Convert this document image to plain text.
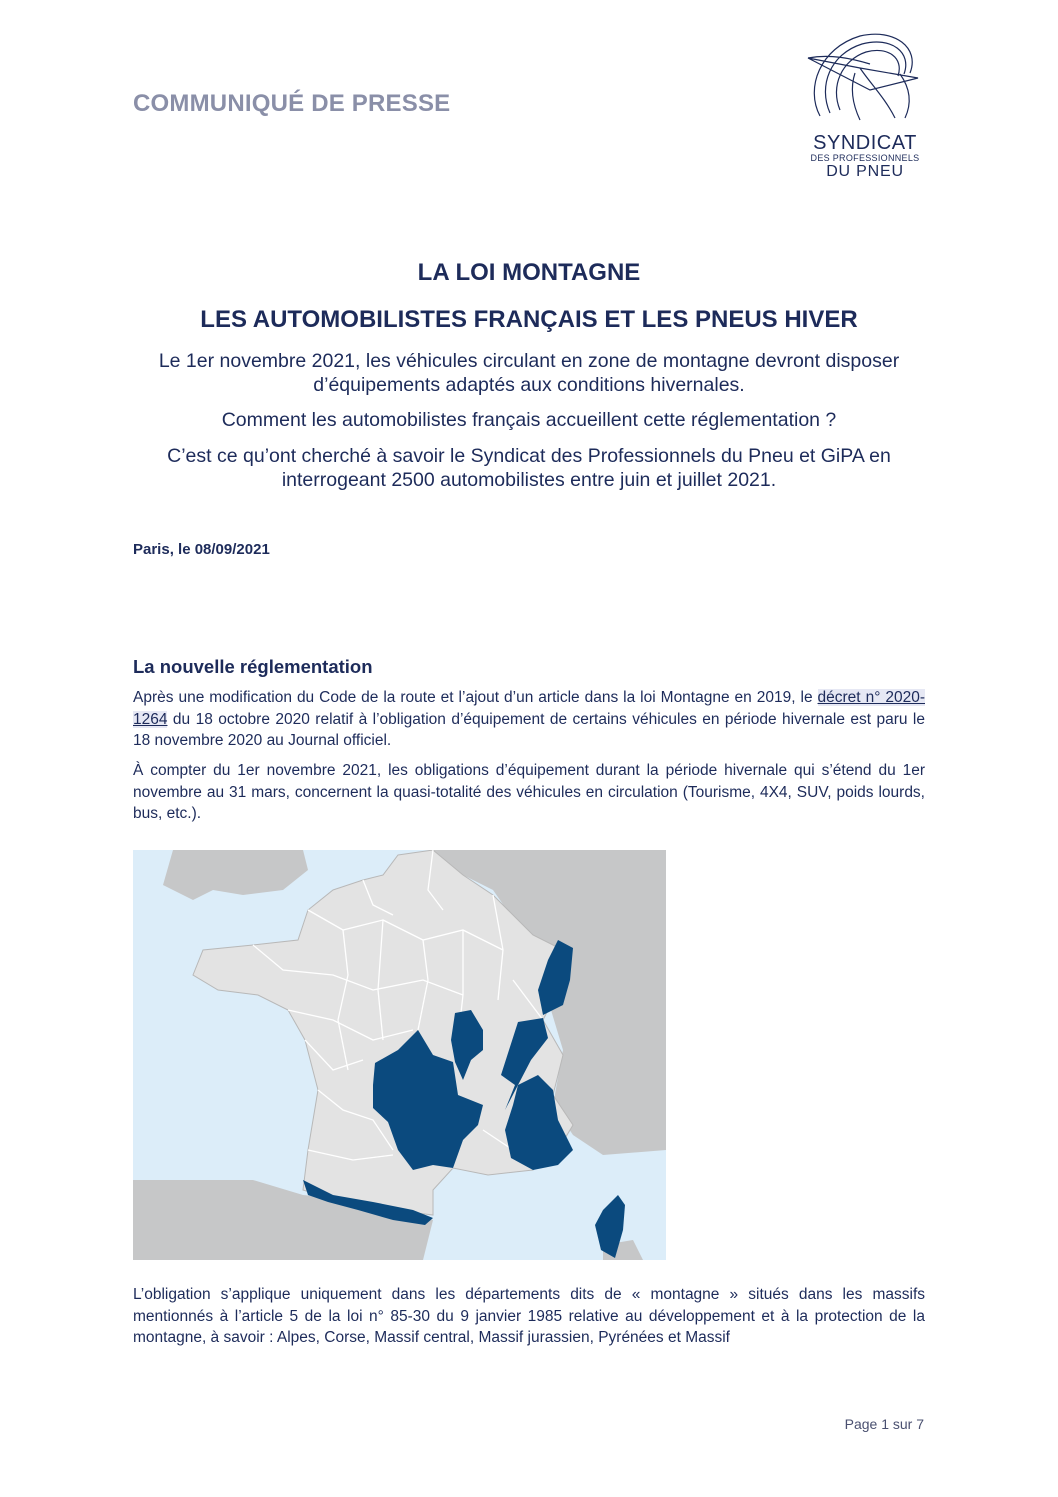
COMMUNIQUÉ DE PRESSE
SYNDICAT
DES PROFESSIONNELS
DU PNEU
LA LOI MONTAGNE
LES AUTOMOBILISTES FRANÇAIS ET LES PNEUS HIVER

Le 1er novembre 2021, les véhicules circulant en zone de montagne devront disposer d’équipements adaptés aux conditions hivernales.

Comment les automobilistes français accueillent cette réglementation ?

C’est ce qu’ont cherché à savoir le Syndicat des Professionnels du Pneu et GiPA en interrogeant 2500 automobilistes entre juin et juillet 2021.

Paris, le 08/09/2021

La nouvelle réglementation

Après une modification du Code de la route et l’ajout d’un article dans la loi Montagne en 2019, le décret n° 2020-1264 du 18 octobre 2020 relatif à l’obligation d’équipement de certains véhicules en période hivernale est paru le 18 novembre 2020 au Journal officiel.

À compter du 1er novembre 2021, les obligations d’équipement durant la période hivernale qui s’étend du 1er novembre au 31 mars, concernent la quasi-totalité des véhicules en circulation (Tourisme, 4X4, SUV, poids lourds, bus, etc.).

L’obligation s’applique uniquement dans les départements dits de « montagne » situés dans les massifs mentionnés à l’article 5 de la loi n° 85-30 du 9 janvier 1985 relative au développement et à la protection de la montagne, à savoir : Alpes, Corse, Massif central, Massif jurassien, Pyrénées et Massif

Page 1 sur 7
